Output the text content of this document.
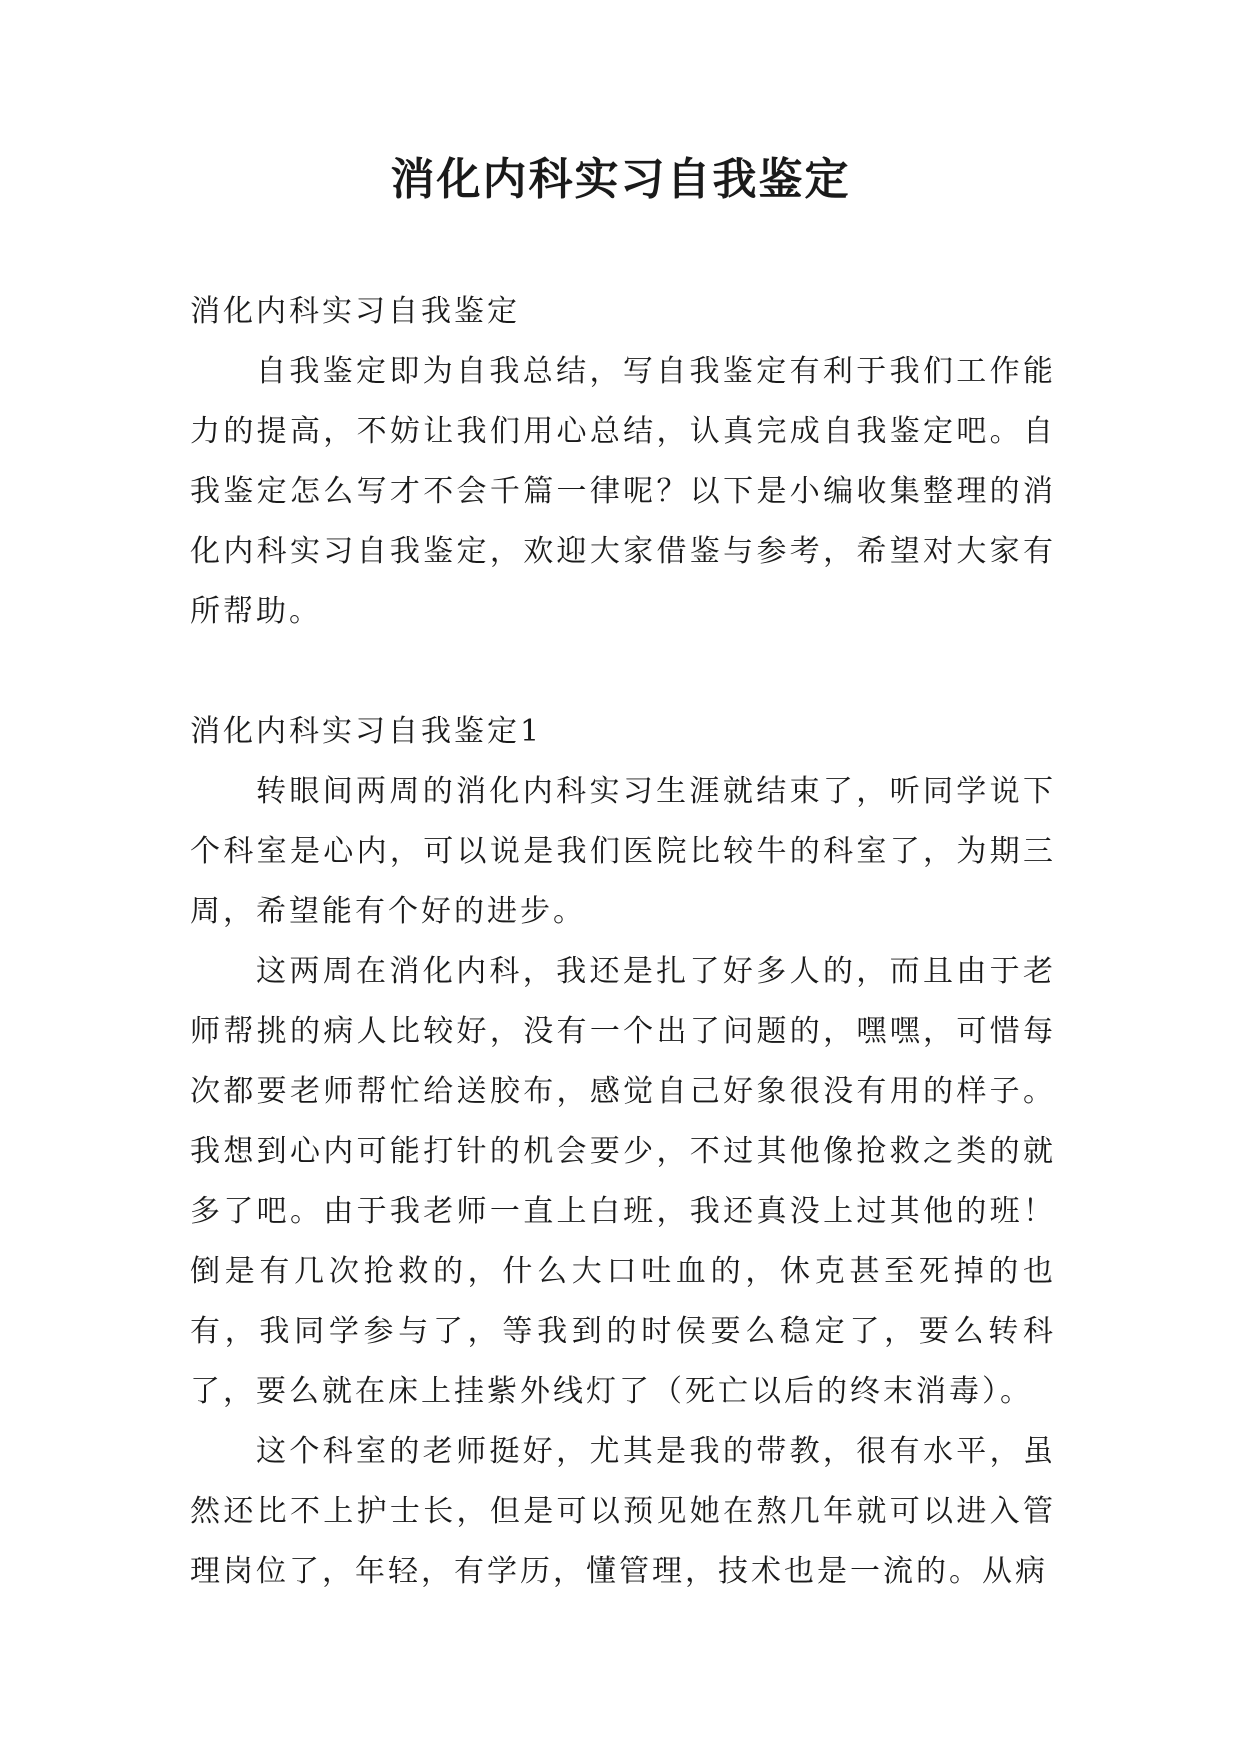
消化内科实习自我鉴定

消化内科实习自我鉴定

自我鉴定即为自我总结，写自我鉴定有利于我们工作能力的提高，不妨让我们用心总结，认真完成自我鉴定吧。自我鉴定怎么写才不会千篇一律呢？以下是小编收集整理的消化内科实习自我鉴定，欢迎大家借鉴与参考，希望对大家有所帮助。

消化内科实习自我鉴定1

转眼间两周的消化内科实习生涯就结束了，听同学说下个科室是心内，可以说是我们医院比较牛的科室了，为期三周，希望能有个好的进步。

这两周在消化内科，我还是扎了好多人的，而且由于老师帮挑的病人比较好，没有一个出了问题的，嘿嘿，可惜每次都要老师帮忙给送胶布，感觉自己好象很没有用的样子。我想到心内可能打针的机会要少，不过其他像抢救之类的就多了吧。由于我老师一直上白班，我还真没上过其他的班！倒是有几次抢救的，什么大口吐血的，休克甚至死掉的也有，我同学参与了，等我到的时侯要么稳定了，要么转科了，要么就在床上挂紫外线灯了（死亡以后的终末消毒）。

这个科室的老师挺好，尤其是我的带教，很有水平，虽然还比不上护士长，但是可以预见她在熬几年就可以进入管理岗位了，年轻，有学历，懂管理，技术也是一流的。从病
